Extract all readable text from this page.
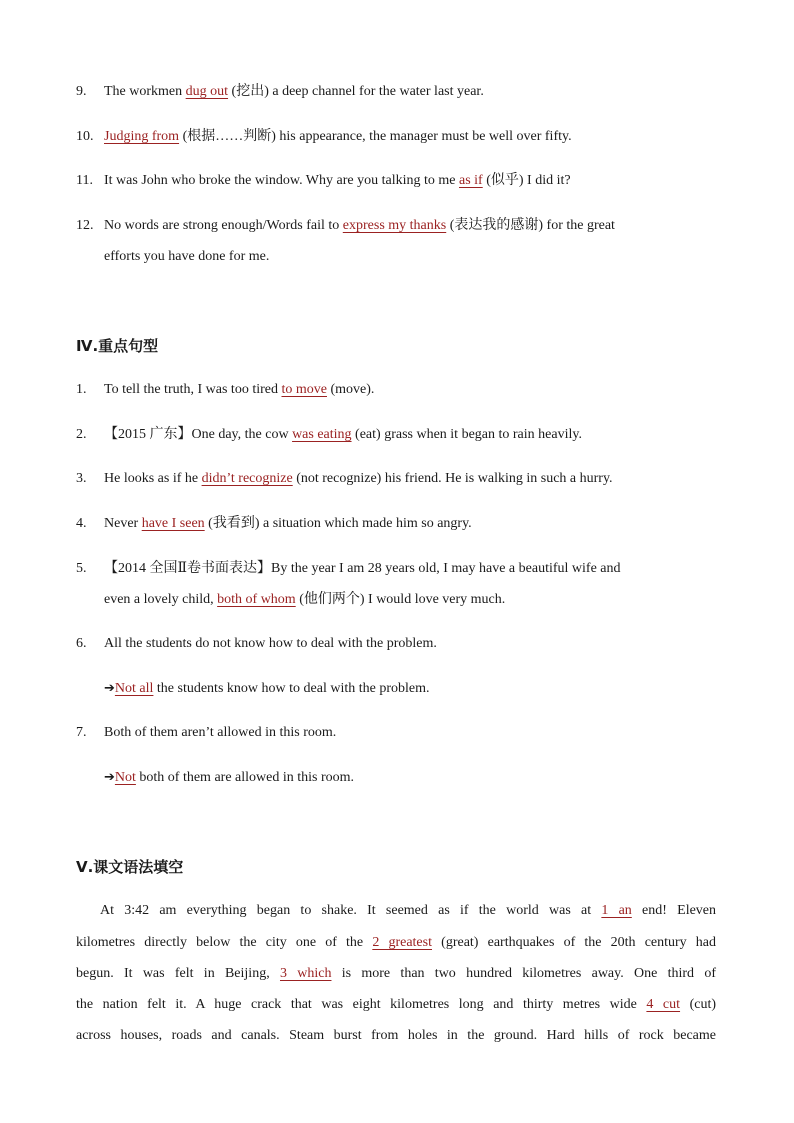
9. The workmen dug out (挖出) a deep channel for the water last year.
10. Judging from (根据……判断) his appearance, the manager must be well over fifty.
11. It was John who broke the window. Why are you talking to me as if (似乎) I did it?
12. No words are strong enough/Words fail to express my thanks (表达我的感谢) for the great
efforts you have done for me.
Ⅳ.重点句型
1. To tell the truth, I was too tired to move (move).
2. 【2015 广东】One day, the cow was eating (eat) grass when it began to rain heavily.
3. He looks as if he didn’t recognize (not recognize) his friend. He is walking in such a hurry.
4. Never have I seen (我看到) a situation which made him so angry.
5. 【2014 全国Ⅱ卷书面表达】By the year I am 28 years old, I may have a beautiful wife and
even a lovely child, both of whom (他们两个) I would love very much.
6. All the students do not know how to deal with the problem.
➔Not all the students know how to deal with the problem.
7. Both of them aren’t allowed in this room.
➔Not both of them are allowed in this room.
Ⅴ.课文语法填空
At 3:42 am everything began to shake. It seemed as if the world was at 1 an end! Eleven
kilometres directly below the city one of the 2 greatest (great) earthquakes of the 20th century had
begun. It was felt in Beijing, 3 which is more than two hundred kilometres away. One third of
the nation felt it. A huge crack that was eight kilometres long and thirty metres wide 4 cut (cut)
across houses, roads and canals. Steam burst from holes in the ground. Hard hills of rock became
